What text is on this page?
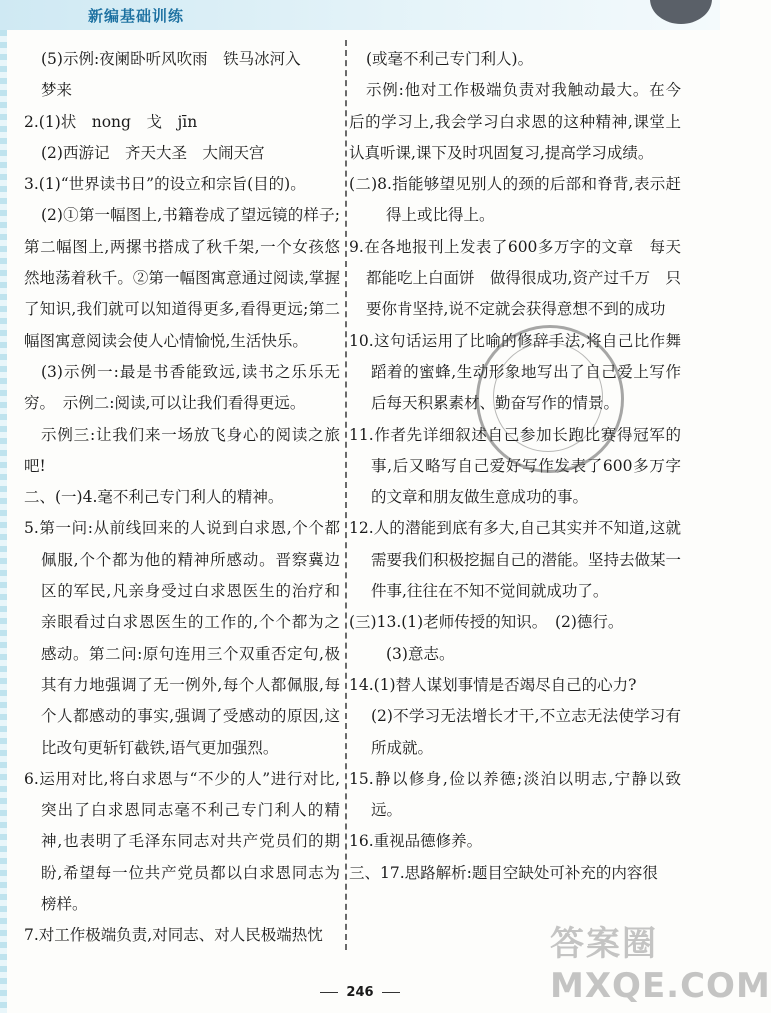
新编基础训练
(5)示例:夜阑卧听风吹雨　铁马冰河入
梦来
2.(1)状　nong　戈　jīn
(2)西游记　齐天大圣　大闹天宫
3.(1)“世界读书日”的设立和宗旨(目的)。
(2)①第一幅图上,书籍卷成了望远镜的样子;第二幅图上,两摞书搭成了秋千架,一个女孩悠然地荡着秋千。②第一幅图寓意通过阅读,掌握了知识,我们就可以知道得更多,看得更远;第二幅图寓意阅读会使人心情愉悦,生活快乐。
(3)示例一:最是书香能致远,读书之乐乐无穷。　示例二:阅读,可以让我们看得更远。
示例三:让我们来一场放飞身心的阅读之旅吧!
二、(一)4.毫不利己专门利人的精神。
5.第一问:从前线回来的人说到白求恩,个个都佩服,个个都为他的精神所感动。晋察冀边区的军民,凡亲身受过白求恩医生的治疗和亲眼看过白求恩医生的工作的,个个都为之感动。第二问:原句连用三个双重否定句,极其有力地强调了无一例外,每个人都佩服,每个人都感动的事实,强调了受感动的原因,这比改句更斩钉截铁,语气更加强烈。
6.运用对比,将白求恩与“不少的人”进行对比,突出了白求恩同志毫不利己专门利人的精神,也表明了毛泽东同志对共产党员们的期盼,希望每一位共产党员都以白求恩同志为榜样。
7.对工作极端负责,对同志、对人民极端热忱
(或毫不利己专门利人)。
示例:他对工作极端负责对我触动最大。在今后的学习上,我会学习白求恩的这种精神,课堂上认真听课,课下及时巩固复习,提高学习成绩。
(二)8.指能够望见别人的颈的后部和脊背,表示赶得上或比得上。
9.在各地报刊上发表了600多万字的文章　每天都能吃上白面饼　做得很成功,资产过千万　只要你肯坚持,说不定就会获得意想不到的成功
10.这句话运用了比喻的修辞手法,将自己比作舞蹈着的蜜蜂,生动形象地写出了自己爱上写作后每天积累素材、勤奋写作的情景。
11.作者先详细叙述自己参加长跑比赛得冠军的事,后又略写自己爱好写作发表了600多万字的文章和朋友做生意成功的事。
12.人的潜能到底有多大,自己其实并不知道,这就需要我们积极挖掘自己的潜能。坚持去做某一件事,往往在不知不觉间就成功了。
(三)13.(1)老师传授的知识。　(2)德行。
(3)意志。
14.(1)替人谋划事情是否竭尽自己的心力?
(2)不学习无法增长才干,不立志无法使学习有所成就。
15.静以修身,俭以养德;淡泊以明志,宁静以致远。
16.重视品德修养。
三、17.思路解析:题目空缺处可补充的内容很
246
答案圈
MXQE.COM
